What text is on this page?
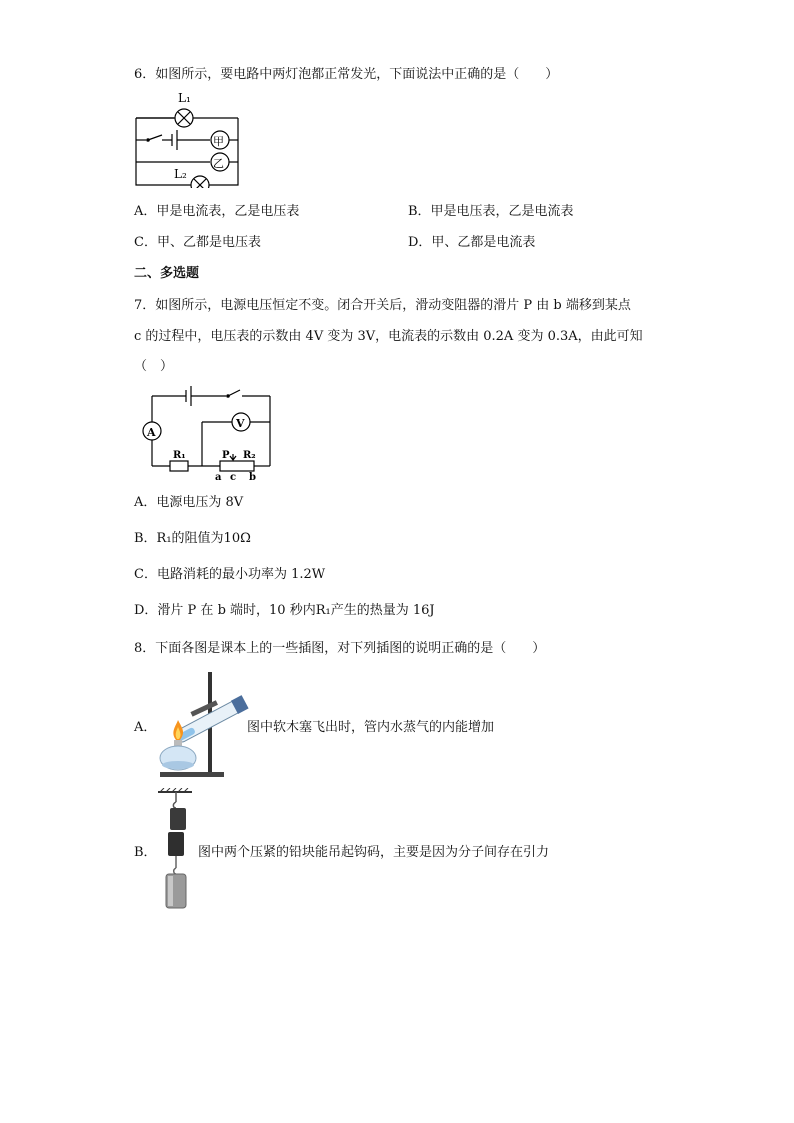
6．如图所示，要电路中两灯泡都正常发光，下面说法中正确的是（　　）
L₁
甲
乙
L₂
A．甲是电流表，乙是电压表	B．甲是电压表，乙是电流表
C．甲、乙都是电压表	D．甲、乙都是电流表
二、多选题
7．如图所示，电源电压恒定不变。闭合开关后，滑动变阻器的滑片 P 由 b 端移到某点
c 的过程中，电压表的示数由 4V 变为 3V，电流表的示数由 0.2A 变为 0.3A，由此可知
（　）
A
R₁	R₂
P
a c b
V
A．电源电压为 8V
B．R₁的阻值为10Ω
C．电路消耗的最小功率为 1.2W
D．滑片 P 在 b 端时，10 秒内R₁产生的热量为 16J
8．下面各图是课本上的一些插图，对下列插图的说明正确的是（　　）
A．	图中软木塞飞出时，管内水蒸气的内能增加
B．	图中两个压紧的铅块能吊起钩码，主要是因为分子间存在引力
